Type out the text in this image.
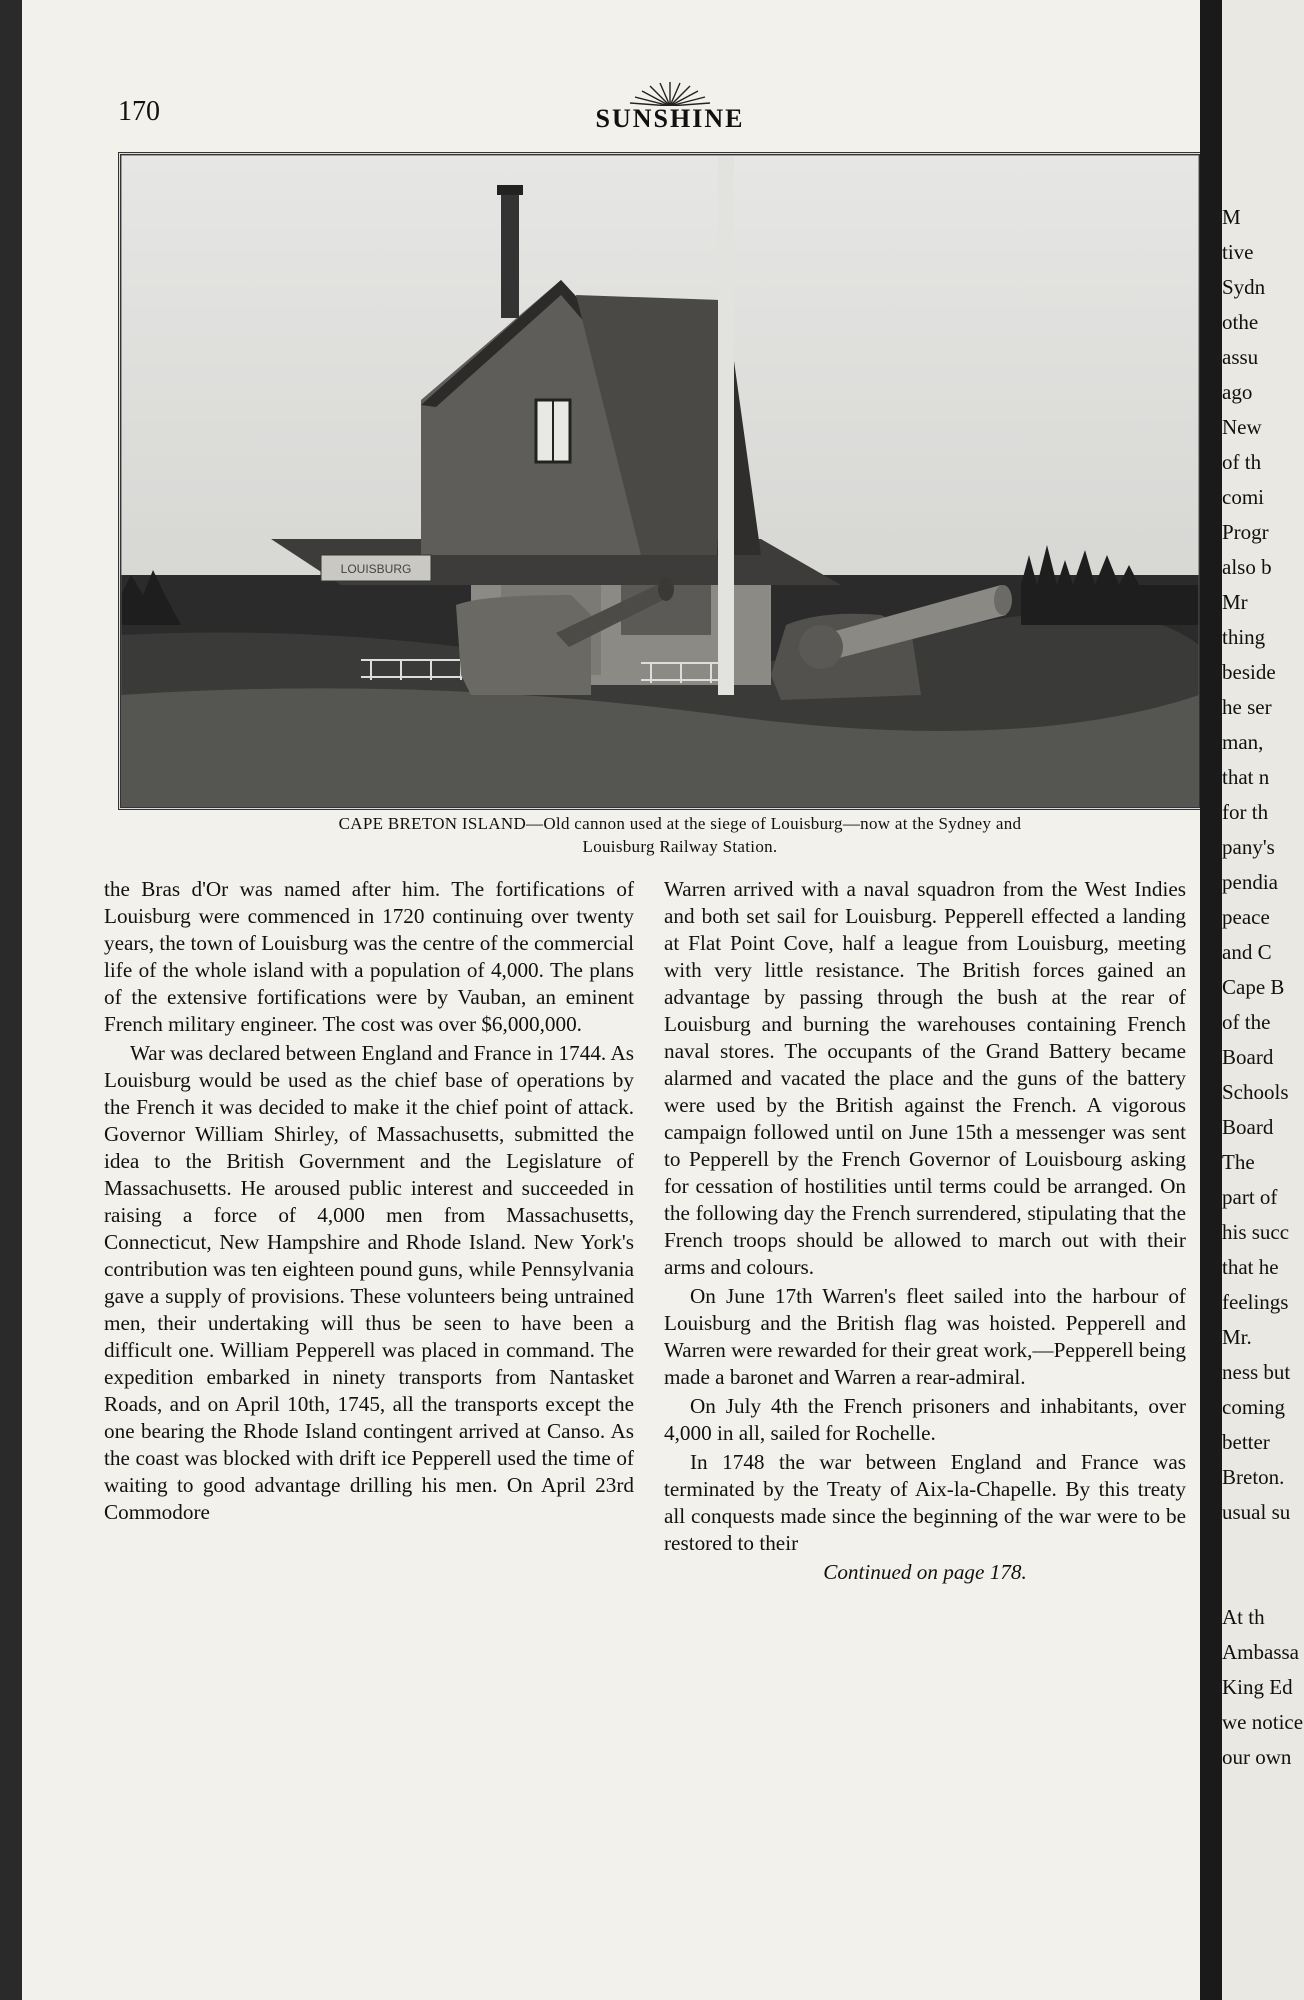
170	SUNSHINE
LOUISBURG
CAPE BRETON ISLAND—Old cannon used at the siege of Louisburg—now at the Sydney and
Louisburg Railway Station.

the Bras d'Or was named after him. The fortifications of Louisburg were commenced in 1720 continuing over twenty years, the town of Louisburg was the centre of the commercial life of the whole island with a population of 4,000. The plans of the extensive fortifications were by Vauban, an eminent French military engineer. The cost was over $6,000,000.

War was declared between England and France in 1744. As Louisburg would be used as the chief base of operations by the French it was decided to make it the chief point of attack. Governor William Shirley, of Massachusetts, submitted the idea to the British Government and the Legislature of Massachusetts. He aroused public interest and succeeded in raising a force of 4,000 men from Massachusetts, Connecticut, New Hampshire and Rhode Island. New York's contribution was ten eighteen pound guns, while Pennsylvania gave a supply of provisions. These volunteers being untrained men, their undertaking will thus be seen to have been a difficult one. William Pepperell was placed in command. The expedition embarked in ninety transports from Nantasket Roads, and on April 10th, 1745, all the transports except the one bearing the Rhode Island contingent arrived at Canso. As the coast was blocked with drift ice Pepperell used the time of waiting to good advantage drilling his men. On April 23rd Commodore

Warren arrived with a naval squadron from the West Indies and both set sail for Louisburg. Pepperell effected a landing at Flat Point Cove, half a league from Louisburg, meeting with very little resistance. The British forces gained an advantage by passing through the bush at the rear of Louisburg and burning the warehouses containing French naval stores. The occupants of the Grand Battery became alarmed and vacated the place and the guns of the battery were used by the British against the French. A vigorous campaign followed until on June 15th a messenger was sent to Pepperell by the French Governor of Louisbourg asking for cessation of hostilities until terms could be arranged. On the following day the French surrendered, stipulating that the French troops should be allowed to march out with their arms and colours.

On June 17th Warren's fleet sailed into the harbour of Louisburg and the British flag was hoisted. Pepperell and Warren were rewarded for their great work,—Pepperell being made a baronet and Warren a rear-admiral.

On July 4th the French prisoners and inhabitants, over 4,000 in all, sailed for Rochelle.

In 1748 the war between England and France was terminated by the Treaty of Aix-la-Chapelle. By this treaty all conquests made since the beginning of the war were to be restored to their

Continued on page 178.
M
tive
Sydn
othe
assu
ago
New
of th
comi
Progr
also b
Mr
thing
beside
he ser
man,
that n
for th
pany's
pendia
peace
and C
Cape B
of the
Board
Schools
Board
The
part of
his succ
that he
feelings
Mr.
ness but
coming
better
Breton.
usual su

At th
Ambassa
King Ed
we notice
our own
